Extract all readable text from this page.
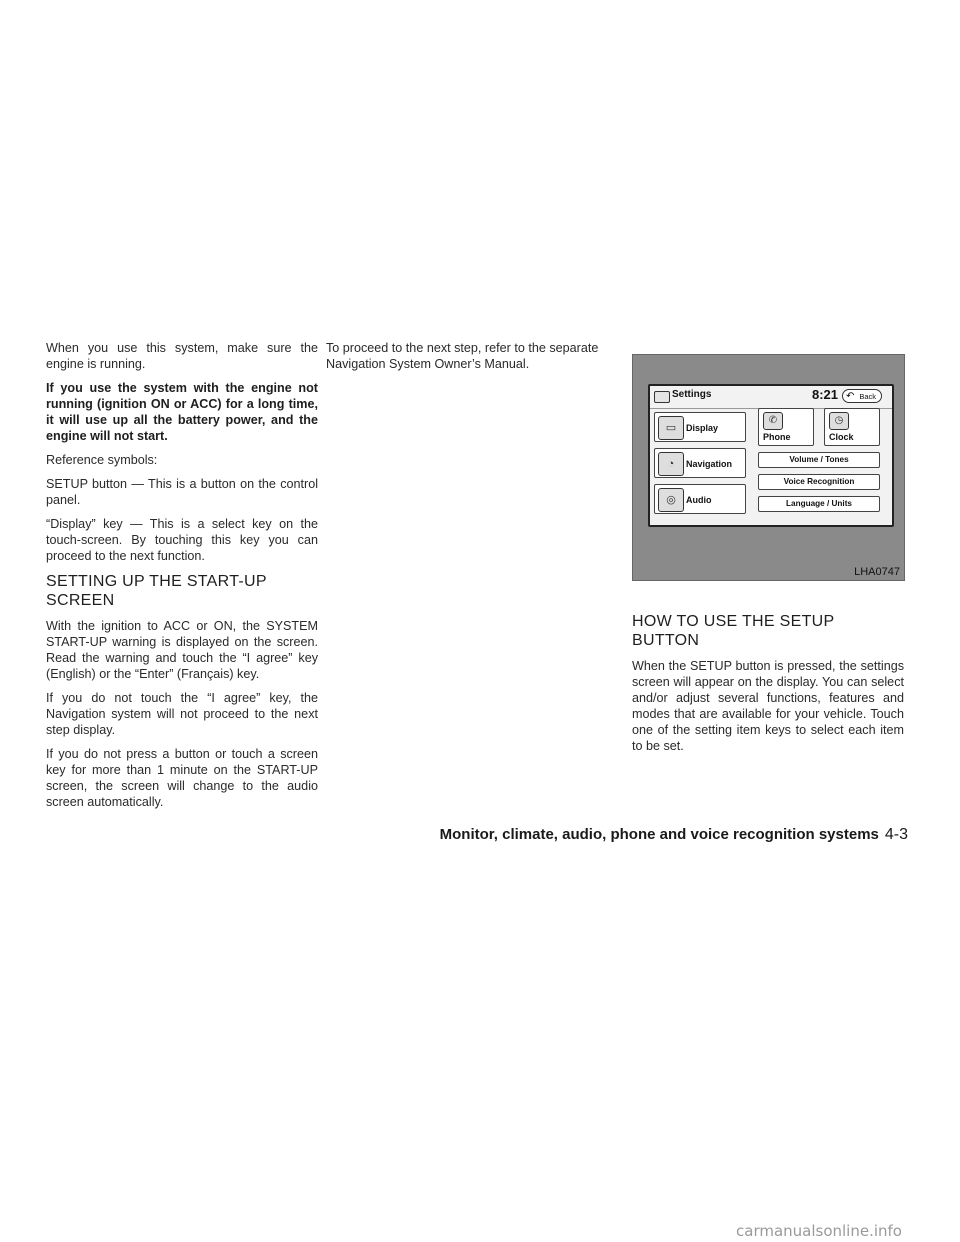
When you use this system, make sure the engine is running.

If you use the system with the engine not running (ignition ON or ACC) for a long time, it will use up all the battery power, and the engine will not start.

Reference symbols:

SETUP button — This is a button on the control panel.

“Display” key — This is a select key on the touch-screen. By touching this key you can proceed to the next function.

SETTING UP THE START-UP SCREEN

With the ignition to ACC or ON, the SYSTEM START-UP warning is displayed on the screen. Read the warning and touch the “I agree” key (English) or the “Enter” (Français) key.

If you do not touch the “I agree” key, the Navigation system will not proceed to the next step display.

If you do not press a button or touch a screen key for more than 1 minute on the START-UP screen, the screen will change to the audio screen automatically.

To proceed to the next step, refer to the separate Navigation System Owner’s Manual.

Settings	8:21 ↶ Back
▭	Display
◔	Navigation
◎	Audio
✆
Phone
◷
Clock
Volume / Tones
Voice Recognition
Language / Units
LHA0747
HOW TO USE THE SETUP BUTTON

When the SETUP button is pressed, the settings screen will appear on the display. You can select and/or adjust several functions, features and modes that are available for your vehicle. Touch one of the setting item keys to select each item to be set.

Monitor, climate, audio, phone and voice recognition systems 4-3
carmanualsonline.info
